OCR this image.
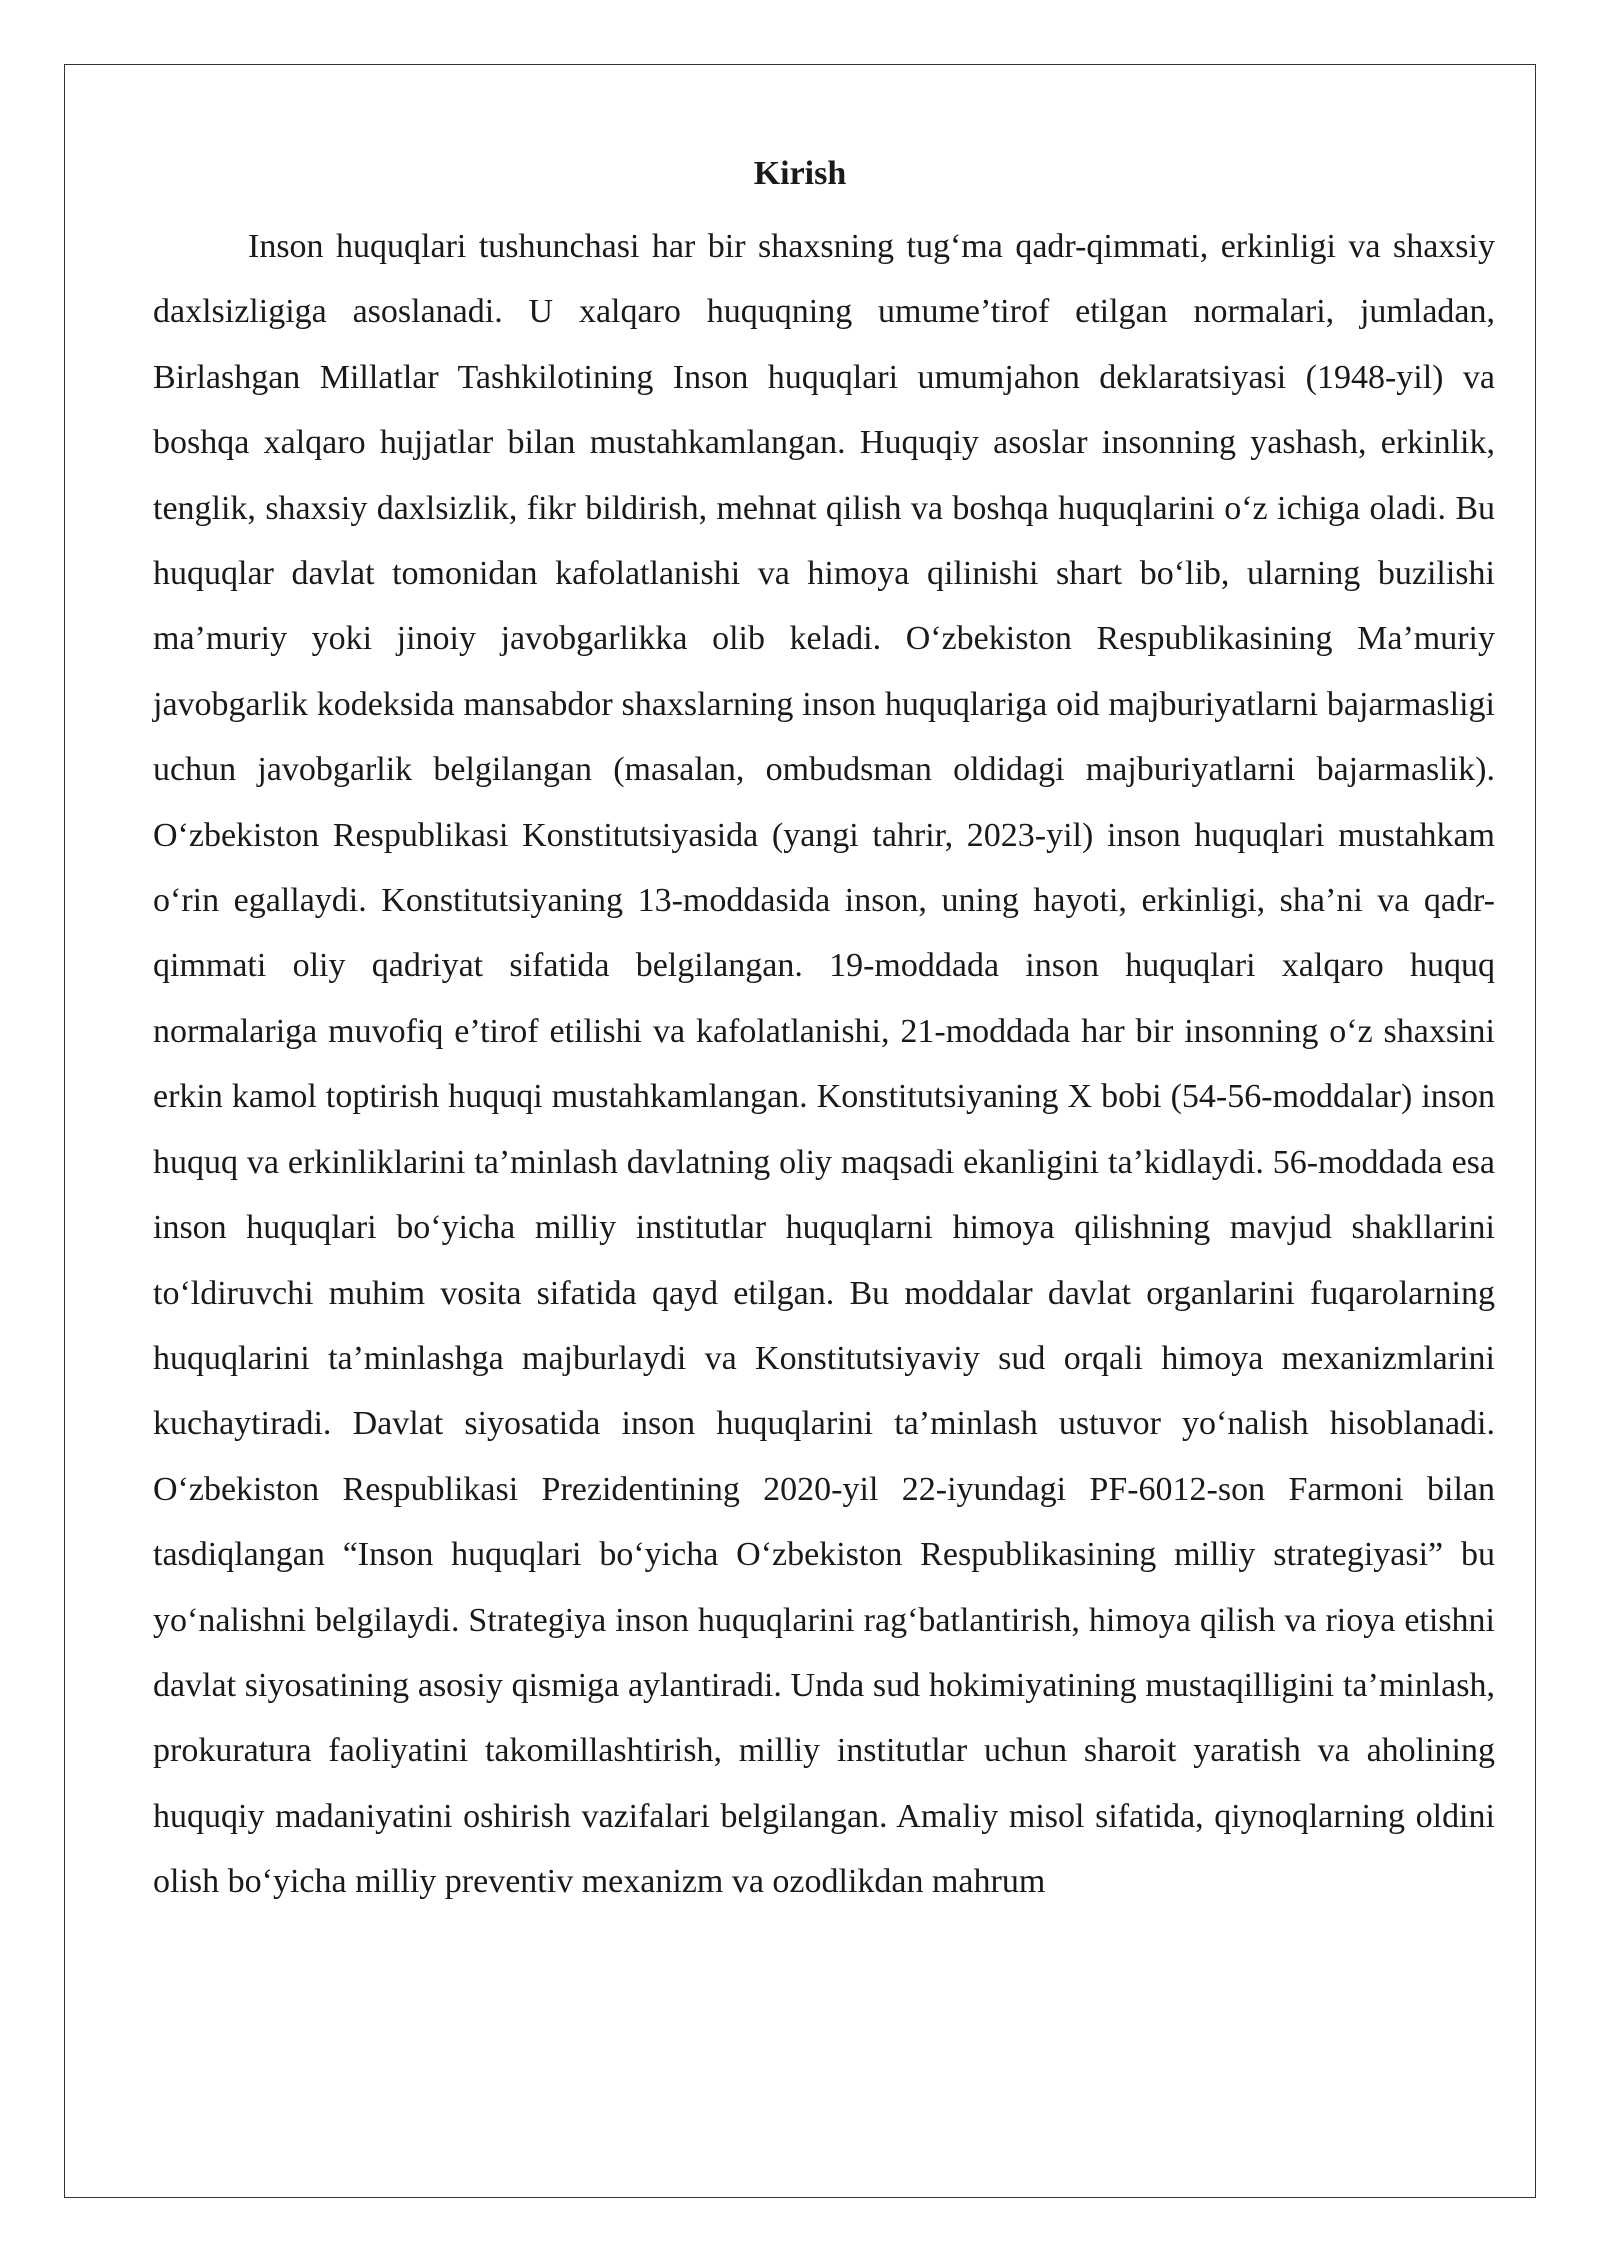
Kirish

Inson huquqlari tushunchasi har bir shaxsning tug‘ma qadr-qimmati, erkinligi va shaxsiy daxlsizligiga asoslanadi. U xalqaro huquqning umume’tirof etilgan normalari, jumladan, Birlashgan Millatlar Tashkilotining Inson huquqlari umumjahon deklaratsiyasi (1948-yil) va boshqa xalqaro hujjatlar bilan mustahkamlangan. Huquqiy asoslar insonning yashash, erkinlik, tenglik, shaxsiy daxlsizlik, fikr bildirish, mehnat qilish va boshqa huquqlarini o‘z ichiga oladi. Bu huquqlar davlat tomonidan kafolatlanishi va himoya qilinishi shart bo‘lib, ularning buzilishi ma’muriy yoki jinoiy javobgarlikka olib keladi. O‘zbekiston Respublikasining Ma’muriy javobgarlik kodeksida mansabdor shaxslarning inson huquqlariga oid majburiyatlarni bajarmasligi uchun javobgarlik belgilangan (masalan, ombudsman oldidagi majburiyatlarni bajarmaslik). O‘zbekiston Respublikasi Konstitutsiyasida (yangi tahrir, 2023-yil) inson huquqlari mustahkam o‘rin egallaydi. Konstitutsiyaning 13-moddasida inson, uning hayoti, erkinligi, sha’ni va qadr-qimmati oliy qadriyat sifatida belgilangan. 19-moddada inson huquqlari xalqaro huquq normalariga muvofiq e’tirof etilishi va kafolatlanishi, 21-moddada har bir insonning o‘z shaxsini erkin kamol toptirish huquqi mustahkamlangan. Konstitutsiyaning X bobi (54-56-moddalar) inson huquq va erkinliklarini ta’minlash davlatning oliy maqsadi ekanligini ta’kidlaydi. 56-moddada esa inson huquqlari bo‘yicha milliy institutlar huquqlarni himoya qilishning mavjud shakllarini to‘ldiruvchi muhim vosita sifatida qayd etilgan. Bu moddalar davlat organlarini fuqarolarning huquqlarini ta’minlashga majburlaydi va Konstitutsiyaviy sud orqali himoya mexanizmlarini kuchaytiradi. Davlat siyosatida inson huquqlarini ta’minlash ustuvor yo‘nalish hisoblanadi. O‘zbekiston Respublikasi Prezidentining 2020-yil 22-iyundagi PF-6012-son Farmoni bilan tasdiqlangan “Inson huquqlari bo‘yicha O‘zbekiston Respublikasining milliy strategiyasi” bu yo‘nalishni belgilaydi. Strategiya inson huquqlarini rag‘batlantirish, himoya qilish va rioya etishni davlat siyosatining asosiy qismiga aylantiradi. Unda sud hokimiyatining mustaqilligini ta’minlash, prokuratura faoliyatini takomillashtirish, milliy institutlar uchun sharoit yaratish va aholining huquqiy madaniyatini oshirish vazifalari belgilangan. Amaliy misol sifatida, qiynoqlarning oldini olish bo‘yicha milliy preventiv mexanizm va ozodlikdan mahrum
